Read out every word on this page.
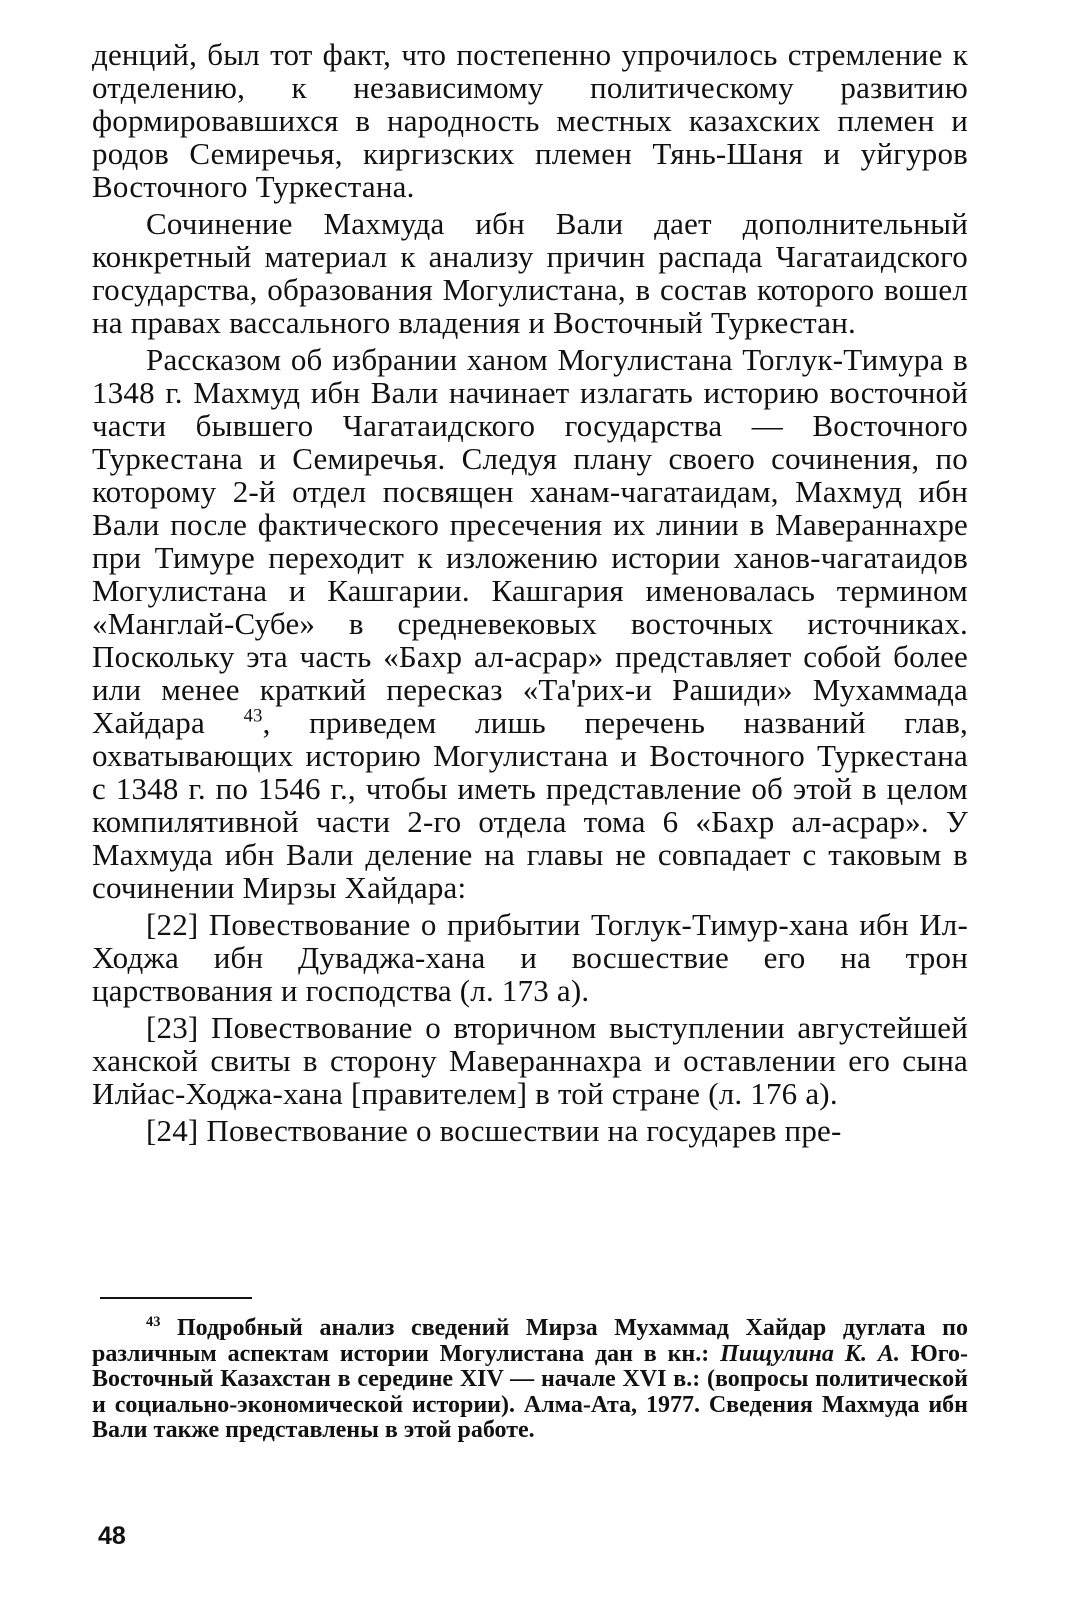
денций, был тот факт, что постепенно упрочилось стремление к отделению, к независимому политическому развитию формировавшихся в народность местных казахских племен и родов Семиречья, киргизских племен Тянь-Шаня и уйгуров Восточного Туркестана.

Сочинение Махмуда ибн Вали дает дополнительный конкретный материал к анализу причин распада Чагатаидского государства, образования Могулистана, в состав которого вошел на правах вассального владения и Восточный Туркестан.

Рассказом об избрании ханом Могулистана Тоглук-Тимура в 1348 г. Махмуд ибн Вали начинает излагать историю восточной части бывшего Чагатаидского государства — Восточного Туркестана и Семиречья. Следуя плану своего сочинения, по которому 2-й отдел посвящен ханам-чагатаидам, Махмуд ибн Вали после фактического пресечения их линии в Мавераннахре при Тимуре переходит к изложению истории ханов-чагатаидов Могулистана и Кашгарии. Кашгария именовалась термином «Манглай-Субе» в средневековых восточных источниках. Поскольку эта часть «Бахр ал-асрар» представляет собой более или менее краткий пересказ «Та'рих-и Рашиди» Мухаммада Хайдара $^{43}$, приведем лишь перечень названий глав, охватывающих историю Могулистана и Восточного Туркестана с 1348 г. по 1546 г., чтобы иметь представление об этой в целом компилятивной части 2-го отдела тома 6 «Бахр ал-асрар». У Махмуда ибн Вали деление на главы не совпадает с таковым в сочинении Мирзы Хайдара:

[22] Повествование о прибытии Тоглук-Тимур-хана ибн Ил-Ходжа ибн Дуваджа-хана и восшествие его на трон царствования и господства (л. 173 а).

[23] Повествование о вторичном выступлении августейшей ханской свиты в сторону Мавераннахра и оставлении его сына Илйас-Ходжа-хана [правителем] в той стране (л. 176 а).

[24] Повествование о восшествии на государев пре-

$^{43}$ Подробный анализ сведений Мирза Мухаммад Хайдар дуглата по различным аспектам истории Могулистана дан в кн.: Пищулина К. А. Юго-Восточный Казахстан в середине XIV — начале XVI в.: (вопросы политической и социально-экономической истории). Алма-Ата, 1977. Сведения Махмуда ибн Вали также представлены в этой работе.

48
